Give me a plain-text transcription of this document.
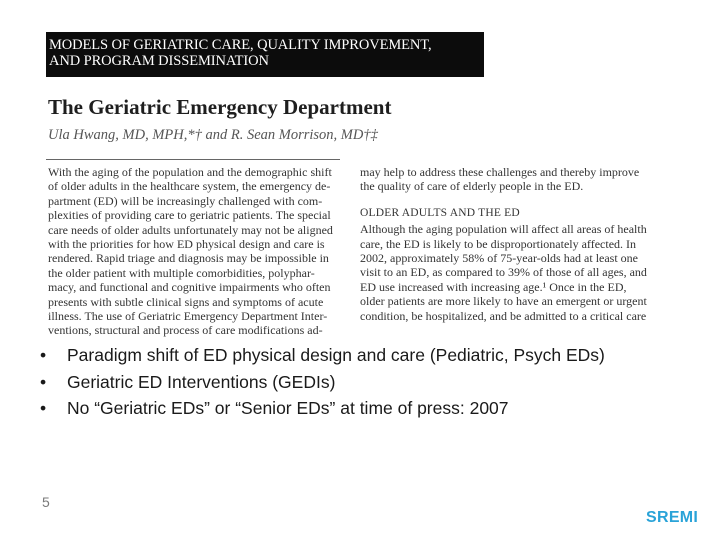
MODELS OF GERIATRIC CARE, QUALITY IMPROVEMENT,
AND PROGRAM DISSEMINATION
The Geriatric Emergency Department
Ula Hwang, MD, MPH,*† and R. Sean Morrison, MD†‡
With the aging of the population and the demographic shift
of older adults in the healthcare system, the emergency de-
partment (ED) will be increasingly challenged with com-
plexities of providing care to geriatric patients. The special
care needs of older adults unfortunately may not be aligned
with the priorities for how ED physical design and care is
rendered. Rapid triage and diagnosis may be impossible in
the older patient with multiple comorbidities, polyphar-
macy, and functional and cognitive impairments who often
presents with subtle clinical signs and symptoms of acute
illness. The use of Geriatric Emergency Department Inter-
ventions, structural and process of care modifications ad-
may help to address these challenges and thereby improve
the quality of care of elderly people in the ED.
OLDER ADULTS AND THE ED
Although the aging population will affect all areas of health
care, the ED is likely to be disproportionately affected. In
2002, approximately 58% of 75-year-olds had at least one
visit to an ED, as compared to 39% of those of all ages, and
ED use increased with increasing age.¹ Once in the ED,
older patients are more likely to have an emergent or urgent
condition, be hospitalized, and be admitted to a critical care
• Paradigm shift of ED physical design and care (Pediatric, Psych EDs)
• Geriatric ED Interventions (GEDIs)
• No “Geriatric EDs” or “Senior EDs” at time of press: 2007
5
SREMI
